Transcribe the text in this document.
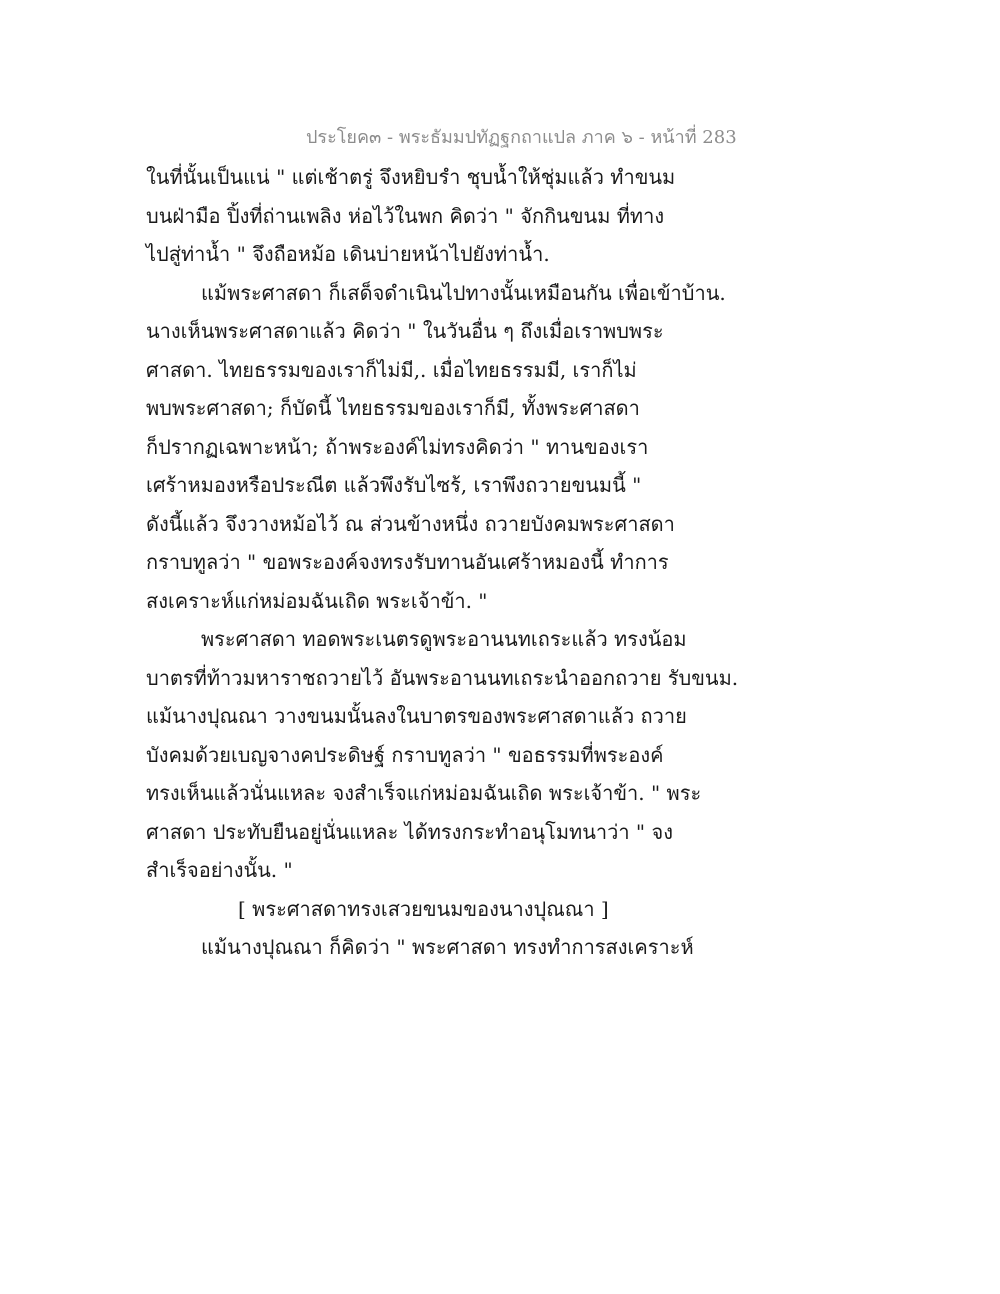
ประโยค๓ - พระธัมมปทัฏฐกถาแปล ภาค ๖ - หน้าที่ 283
ในที่นั้นเป็นแน่ " แต่เช้าตรู่ จึงหยิบรำ ชุบน้ำให้ชุ่มแล้ว ทำขนม
บนฝ่ามือ ปิ้งที่ถ่านเพลิง ห่อไว้ในพก คิดว่า " จักกินขนม ที่ทาง
ไปสู่ท่าน้ำ " จึงถือหม้อ เดินบ่ายหน้าไปยังท่าน้ำ.
แม้พระศาสดา ก็เสด็จดำเนินไปทางนั้นเหมือนกัน เพื่อเข้าบ้าน.
นางเห็นพระศาสดาแล้ว คิดว่า " ในวันอื่น ๆ ถึงเมื่อเราพบพระ
ศาสดา. ไทยธรรมของเราก็ไม่มี,. เมื่อไทยธรรมมี, เราก็ไม่
พบพระศาสดา; ก็บัดนี้ ไทยธรรมของเราก็มี, ทั้งพระศาสดา
ก็ปรากฏเฉพาะหน้า; ถ้าพระองค์ไม่ทรงคิดว่า " ทานของเรา
เศร้าหมองหรือประณีต แล้วพึงรับไซร้, เราพึงถวายขนมนี้ "
ดังนี้แล้ว จึงวางหม้อไว้ ณ ส่วนข้างหนึ่ง ถวายบังคมพระศาสดา
กราบทูลว่า " ขอพระองค์จงทรงรับทานอันเศร้าหมองนี้ ทำการ
สงเคราะห์แก่หม่อมฉันเถิด พระเจ้าข้า. "
พระศาสดา ทอดพระเนตรดูพระอานนทเถระแล้ว ทรงน้อม
บาตรที่ท้าวมหาราชถวายไว้ อันพระอานนทเถระนำออกถวาย รับขนม.
แม้นางปุณณา วางขนมนั้นลงในบาตรของพระศาสดาแล้ว ถวาย
บังคมด้วยเบญจางคประดิษฐ์ กราบทูลว่า " ขอธรรมที่พระองค์
ทรงเห็นแล้วนั่นแหละ จงสำเร็จแก่หม่อมฉันเถิด พระเจ้าข้า. " พระ
ศาสดา ประทับยืนอยู่นั่นแหละ ได้ทรงกระทำอนุโมทนาว่า " จง
สำเร็จอย่างนั้น. "
[ พระศาสดาทรงเสวยขนมของนางปุณณา ]
แม้นางปุณณา ก็คิดว่า " พระศาสดา ทรงทำการสงเคราะห์
